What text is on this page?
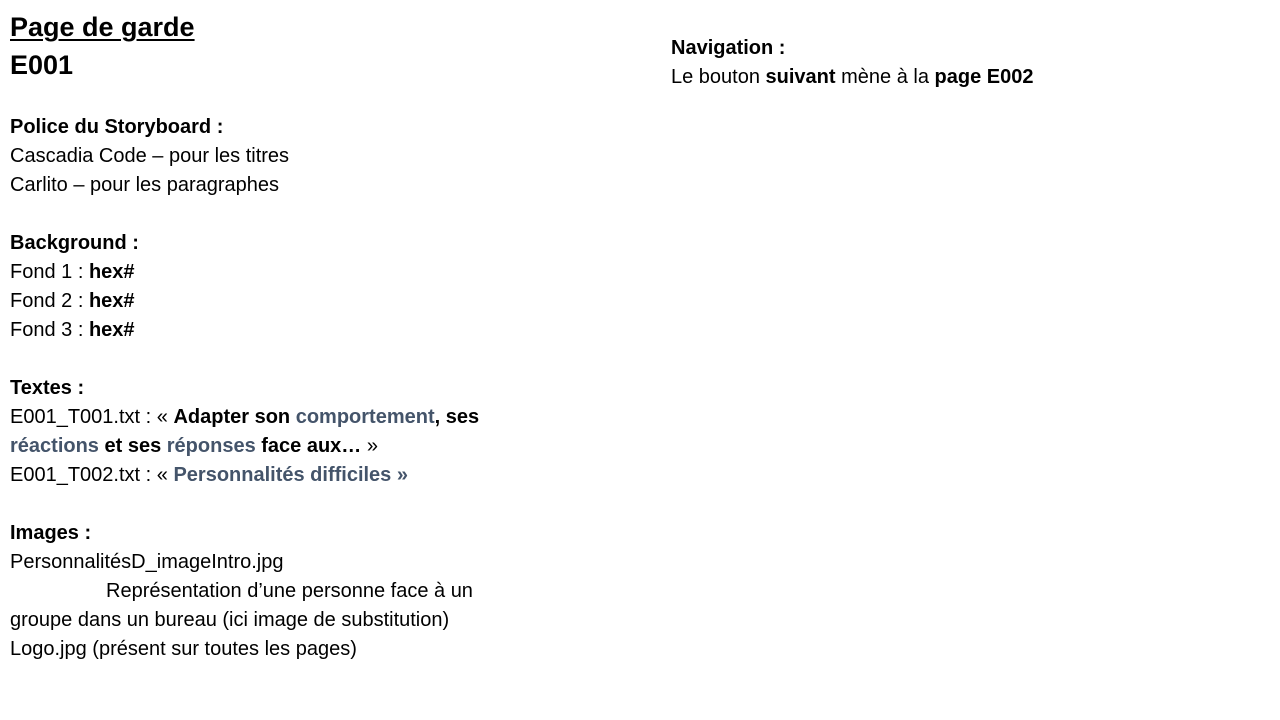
Page de garde
E001
Police du Storyboard :
Cascadia Code – pour les titres
Carlito – pour les paragraphes
Background :
Fond 1 : hex#
Fond 2 : hex#
Fond 3 : hex#
Textes :
E001_T001.txt : « Adapter son comportement, ses
réactions et ses réponses face aux… »
E001_T002.txt : « Personnalités difficiles »
Images :
PersonnalitésD_imageIntro.jpg
Représentation d’une personne face à un
groupe dans un bureau (ici image de substitution)
Logo.jpg (présent sur toutes les pages)
Navigation :
Le bouton suivant mène à la page E002
